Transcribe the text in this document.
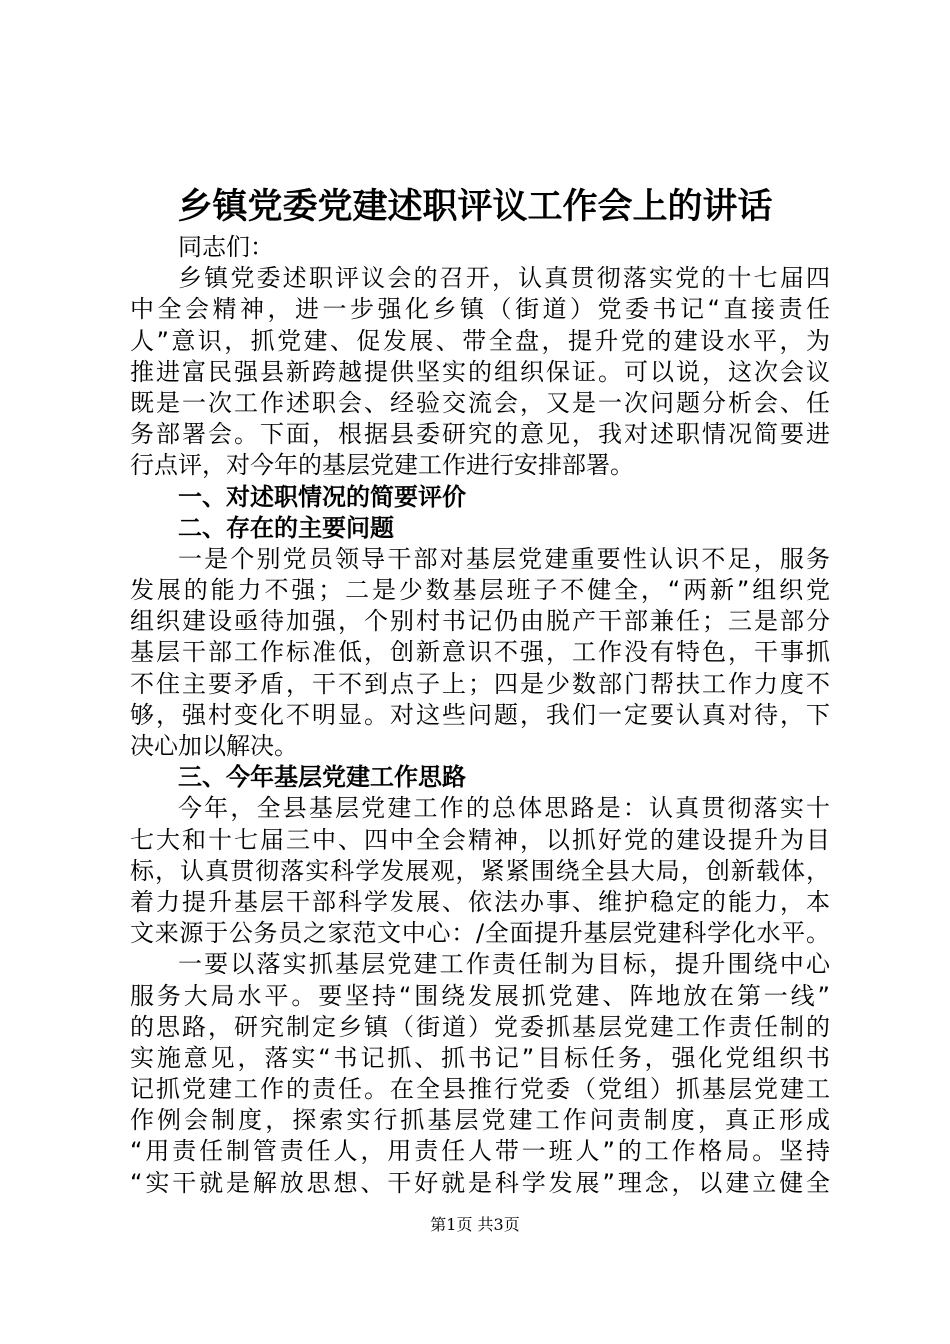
乡镇党委党建述职评议工作会上的讲话
同志们：
乡镇党委述职评议会的召开，认真贯彻落实党的十七届四
中全会精神，进一步强化乡镇（街道）党委书记“直接责任
人”意识，抓党建、促发展、带全盘，提升党的建设水平，为
推进富民强县新跨越提供坚实的组织保证。可以说，这次会议
既是一次工作述职会、经验交流会，又是一次问题分析会、任
务部署会。下面，根据县委研究的意见，我对述职情况简要进
行点评，对今年的基层党建工作进行安排部署。
一、对述职情况的简要评价
二、存在的主要问题
一是个别党员领导干部对基层党建重要性认识不足，服务
发展的能力不强；二是少数基层班子不健全，“两新”组织党
组织建设亟待加强，个别村书记仍由脱产干部兼任；三是部分
基层干部工作标准低，创新意识不强，工作没有特色，干事抓
不住主要矛盾，干不到点子上；四是少数部门帮扶工作力度不
够，强村变化不明显。对这些问题，我们一定要认真对待，下
决心加以解决。
三、今年基层党建工作思路
今年，全县基层党建工作的总体思路是：认真贯彻落实十
七大和十七届三中、四中全会精神，以抓好党的建设提升为目
标，认真贯彻落实科学发展观，紧紧围绕全县大局，创新载体，
着力提升基层干部科学发展、依法办事、维护稳定的能力，本
文来源于公务员之家范文中心：/全面提升基层党建科学化水平。
一要以落实抓基层党建工作责任制为目标，提升围绕中心
服务大局水平。要坚持“围绕发展抓党建、阵地放在第一线”
的思路，研究制定乡镇（街道）党委抓基层党建工作责任制的
实施意见，落实“书记抓、抓书记”目标任务，强化党组织书
记抓党建工作的责任。在全县推行党委（党组）抓基层党建工
作例会制度，探索实行抓基层党建工作问责制度，真正形成
“用责任制管责任人，用责任人带一班人”的工作格局。坚持
“实干就是解放思想、干好就是科学发展”理念，以建立健全
第1页 共3页
